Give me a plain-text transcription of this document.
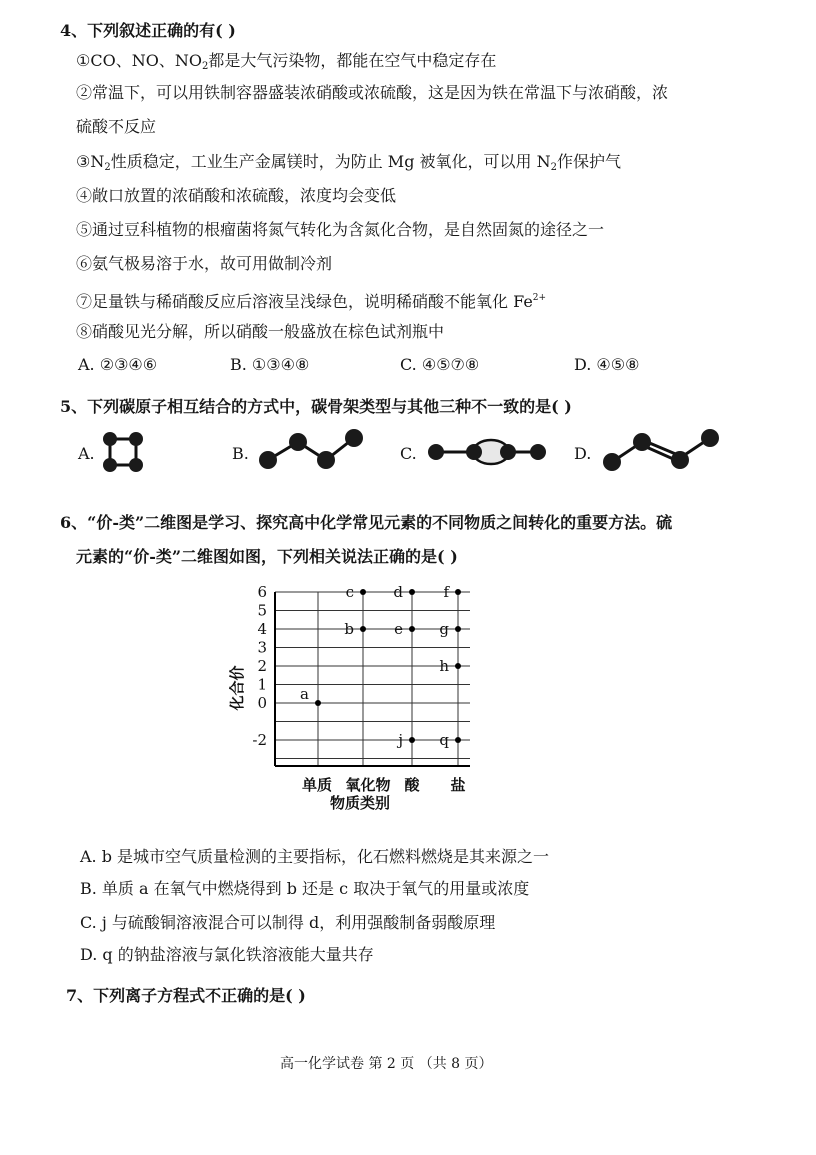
4、下列叙述正确的有( )
①CO、NO、$NO_2$都是大气污染物，都能在空气中稳定存在
②常温下，可以用铁制容器盛装浓硝酸或浓硫酸，这是因为铁在常温下与浓硝酸，浓
硫酸不反应
$③N_2$性质稳定，工业生产金属镁时，为防止 Mg 被氧化，可以用 $N_2$作保护气
④敞口放置的浓硝酸和浓硫酸，浓度均会变低
⑤通过豆科植物的根瘤菌将氮气转化为含氮化合物，是自然固氮的途径之一
⑥氨气极易溶于水，故可用做制冷剂
⑦足量铁与稀硝酸反应后溶液呈浅绿色，说明稀硝酸不能氧化 $Fe^{2+}$
⑧硝酸见光分解，所以硝酸一般盛放在棕色试剂瓶中
A. ②③④⑥	B. ①③④⑧	C. ④⑤⑦⑧	D. ④⑤⑧
5、下列碳原子相互结合的方式中，碳骨架类型与其他三种不一致的是( )
A.	B.	C.	D.
6、“价-类”二维图是学习、探究高中化学常见元素的不同物质之间转化的重要方法。硫
元素的“价-类”二维图如图，下列相关说法正确的是( )
6
5
4
3
2
1
0
-2
单质 氧化物 酸 盐
a
b
c	d
e
f
g
h
j q
化合价
物质类别
A. b 是城市空气质量检测的主要指标，化石燃料燃烧是其来源之一
B. 单质 a 在氧气中燃烧得到 b 还是 c 取决于氧气的用量或浓度
C. j 与硫酸铜溶液混合可以制得 d，利用强酸制备弱酸原理
D. q 的钠盐溶液与氯化铁溶液能大量共存
7、下列离子方程式不正确的是( )
高一化学试卷 第 2 页 （共 8 页）
